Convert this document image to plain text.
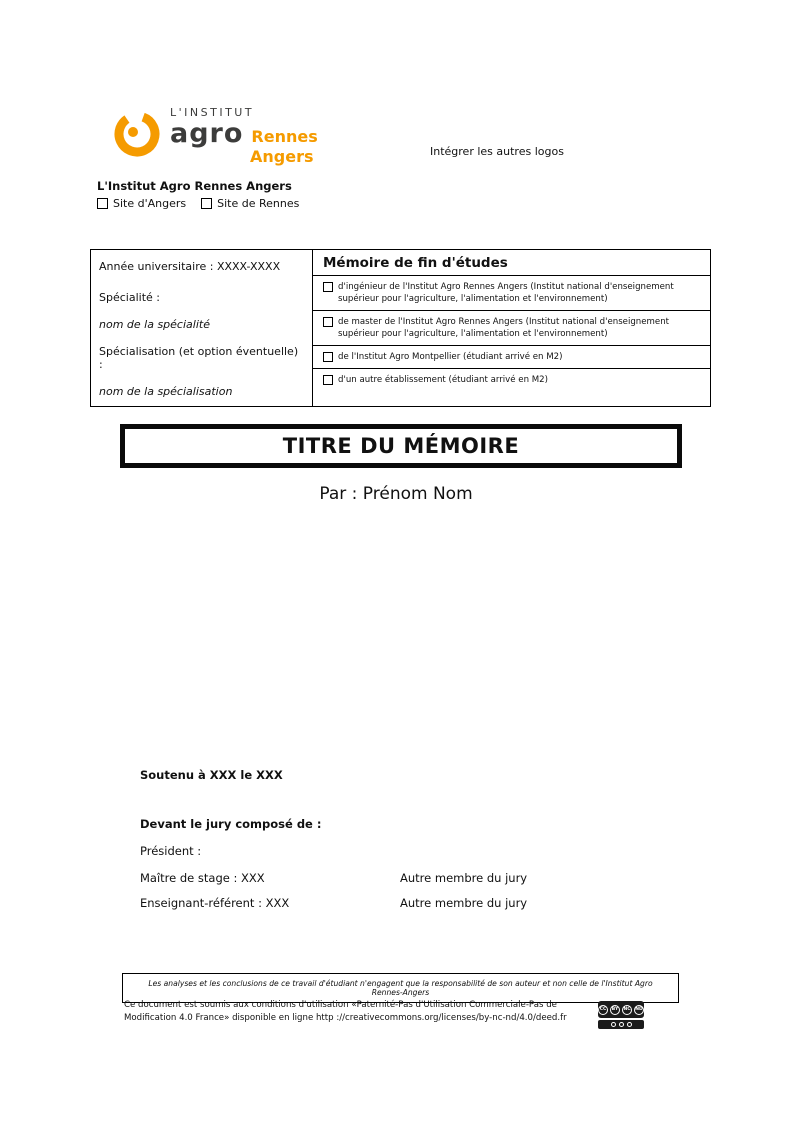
L'INSTITUT
agro Rennes
Angers	Intégrer les autres logos
L'Institut Agro Rennes Angers
Site d'Angers	Site de Rennes
Année universitaire : XXXX-XXXX
Spécialité :
nom de la spécialité
Spécialisation (et option éventuelle) :
nom de la spécialisation
Mémoire de fin d'études
d'ingénieur de l'Institut Agro Rennes Angers (Institut national d'enseignement supérieur pour l'agriculture, l'alimentation et l'environnement)
de master de l'Institut Agro Rennes Angers (Institut national d'enseignement supérieur pour l'agriculture, l'alimentation et l'environnement)
de l'Institut Agro Montpellier (étudiant arrivé en M2)
d'un autre établissement (étudiant arrivé en M2)
TITRE DU MÉMOIRE
Par : Prénom Nom
Soutenu à XXX le XXX
Devant le jury composé de :
Président :
Maître de stage : XXX	Autre membre du jury
Enseignant-référent : XXX	Autre membre du jury
Les analyses et les conclusions de ce travail d'étudiant n'engagent que la responsabilité de son auteur et non celle de l'Institut Agro Rennes-Angers
Ce document est soumis aux conditions d'utilisation «Paternité-Pas d'Utilisation Commerciale-Pas de Modification 4.0 France» disponible en ligne http ://creativecommons.org/licenses/by-nc-nd/4.0/deed.fr
CC	BY	NC	ND
